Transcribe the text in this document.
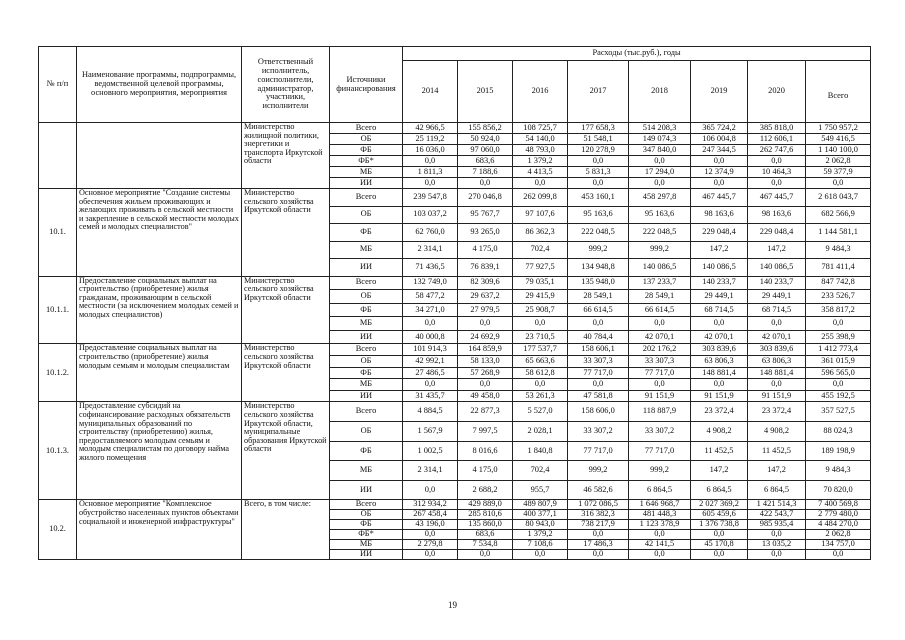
№ п/п	Наименование программы, подпрограммы, ведомственной целевой программы, основного мероприятия, мероприятия	Ответственный исполнитель, соисполнители, администратор, участники, исполнители	Источники финансирования	Расходы (тыс.руб.), годы							
				2014	2015	2016	2017	2018	2019	2020	Всего
		Министерство жилищной политики, энергетики и транспорта Иркутской области	Всего	42 966,5	155 856,2	108 725,7	177 658,3	514 208,3	365 724,2	385 818,0	1 750 957,2
			ОБ	25 119,2	50 924,0	54 140,0	51 548,1	149 074,3	106 004,8	112 606,1	549 416,5
			ФБ	16 036,0	97 060,0	48 793,0	120 278,9	347 840,0	247 344,5	262 747,6	1 140 100,0
			ФБ*	0,0	683,6	1 379,2	0,0	0,0	0,0	0,0	2 062,8
			МБ	1 811,3	7 188,6	4 413,5	5 831,3	17 294,0	12 374,9	10 464,3	59 377,9
			ИИ	0,0	0,0	0,0	0,0	0,0	0,0	0,0	0,0
10.1.	Основное мероприятие "Создание системы обеспечения жильем проживающих и желающих проживать в сельской местности и закрепление в сельской местности молодых семей и молодых специалистов"	Министерство сельского хозяйства Иркутской области	Всего	239 547,8	270 046,8	262 099,8	453 160,1	458 297,8	467 445,7	467 445,7	2 618 043,7
			ОБ	103 037,2	95 767,7	97 107,6	95 163,6	95 163,6	98 163,6	98 163,6	682 566,9
			ФБ	62 760,0	93 265,0	86 362,3	222 048,5	222 048,5	229 048,4	229 048,4	1 144 581,1
			МБ	2 314,1	4 175,0	702,4	999,2	999,2	147,2	147,2	9 484,3
			ИИ	71 436,5	76 839,1	77 927,5	134 948,8	140 086,5	140 086,5	140 086,5	781 411,4
10.1.1.	Предоставление социальных выплат на строительство (приобретение) жилья гражданам, проживающим в сельской местности (за исключением молодых семей и молодых специалистов)	Министерство сельского хозяйства Иркутской области	Всего	132 749,0	82 309,6	79 035,1	135 948,0	137 233,7	140 233,7	140 233,7	847 742,8
			ОБ	58 477,2	29 637,2	29 415,9	28 549,1	28 549,1	29 449,1	29 449,1	233 526,7
			ФБ	34 271,0	27 979,5	25 908,7	66 614,5	66 614,5	68 714,5	68 714,5	358 817,2
			МБ	0,0	0,0	0,0	0,0	0,0	0,0	0,0	0,0
			ИИ	40 000,8	24 692,9	23 710,5	40 784,4	42 070,1	42 070,1	42 070,1	255 398,9
10.1.2.	Предоставление социальных выплат на строительство (приобретение) жилья молодым семьям и молодым специалистам	Министерство сельского хозяйства Иркутской области	Всего	101 914,3	164 859,9	177 537,7	158 606,1	202 176,2	303 839,6	303 839,6	1 412 773,4
			ОБ	42 992,1	58 133,0	65 663,6	33 307,3	33 307,3	63 806,3	63 806,3	361 015,9
			ФБ	27 486,5	57 268,9	58 612,8	77 717,0	77 717,0	148 881,4	148 881,4	596 565,0
			МБ	0,0	0,0	0,0	0,0	0,0	0,0	0,0	0,0
			ИИ	31 435,7	49 458,0	53 261,3	47 581,8	91 151,9	91 151,9	91 151,9	455 192,5
10.1.3.	Предоставление субсидий на софинансирование расходных обязательств муниципальных образований по строительству (приобретению) жилья, предоставляемого молодым семьям и молодым специалистам по договору найма жилого помещения	Министерство сельского хозяйства Иркутской области, муниципальные образования Иркутской области	Всего	4 884,5	22 877,3	5 527,0	158 606,0	118 887,9	23 372,4	23 372,4	357 527,5
			ОБ	1 567,9	7 997,5	2 028,1	33 307,2	33 307,2	4 908,2	4 908,2	88 024,3
			ФБ	1 002,5	8 016,6	1 840,8	77 717,0	77 717,0	11 452,5	11 452,5	189 198,9
			МБ	2 314,1	4 175,0	702,4	999,2	999,2	147,2	147,2	9 484,3
			ИИ	0,0	2 688,2	955,7	46 582,6	6 864,5	6 864,5	6 864,5	70 820,0
10.2.	Основное мероприятие "Комплексное обустройство населенных пунктов объектами социальной и инженерной инфраструктуры"	Всего, в том числе:	Всего	312 934,2	429 889,0	489 807,9	1 072 086,5	1 646 968,7	2 027 369,2	1 421 514,3	7 400 569,8
			ОБ	267 458,4	285 810,6	400 377,1	316 382,3	481 448,3	605 459,6	422 543,7	2 779 480,0
			ФБ	43 196,0	135 860,0	80 943,0	738 217,9	1 123 378,9	1 376 738,8	985 935,4	4 484 270,0
			ФБ*	0,0	683,6	1 379,2	0,0	0,0	0,0	0,0	2 062,8
			МБ	2 279,8	7 534,8	7 108,6	17 486,3	42 141,5	45 170,8	13 035,2	134 757,0
			ИИ	0,0	0,0	0,0	0,0	0,0	0,0	0,0	0,0
19
